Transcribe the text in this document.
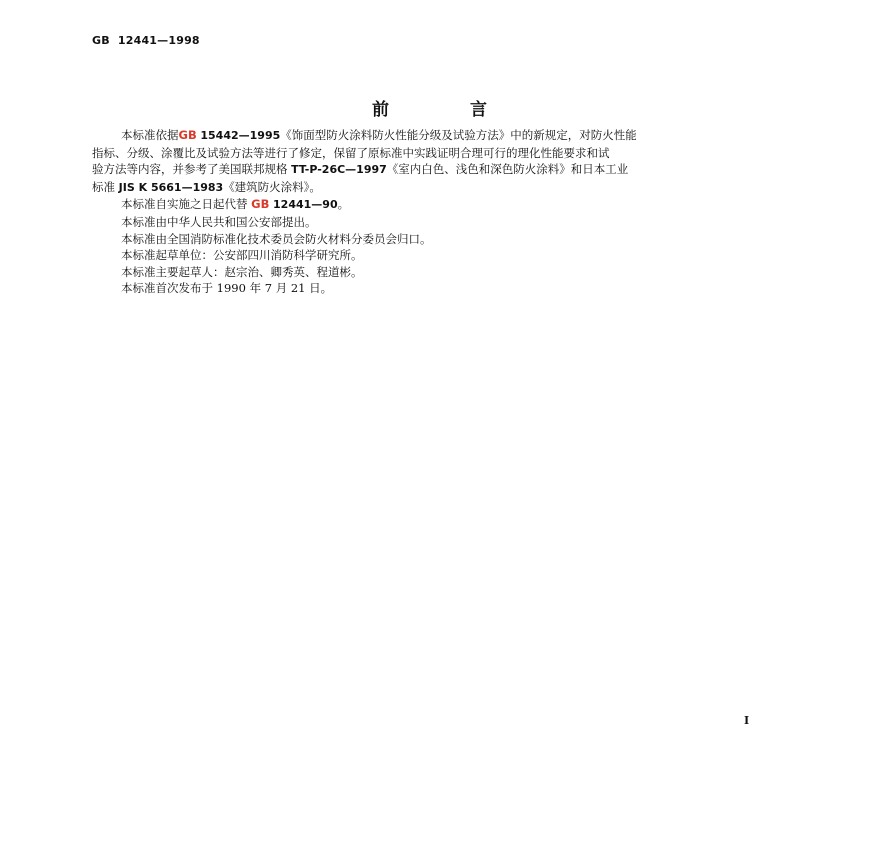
GB 12441—1998
前	言

本标准依据GB 15442—1995《饰面型防火涂料防火性能分级及试验方法》中的新规定，对防火性能

指标、分级、涂覆比及试验方法等进行了修定，保留了原标准中实践证明合理可行的理化性能要求和试

验方法等内容，并参考了美国联邦规格 TT-P-26C—1997《室内白色、浅色和深色防火涂料》和日本工业

标准 JIS K 5661—1983《建筑防火涂料》。

本标准自实施之日起代替 GB 12441—90。

本标准由中华人民共和国公安部提出。

本标准由全国消防标准化技术委员会防火材料分委员会归口。

本标准起草单位：公安部四川消防科学研究所。

本标准主要起草人：赵宗治、卿秀英、程道彬。

本标准首次发布于 1990 年 7 月 21 日。

I
